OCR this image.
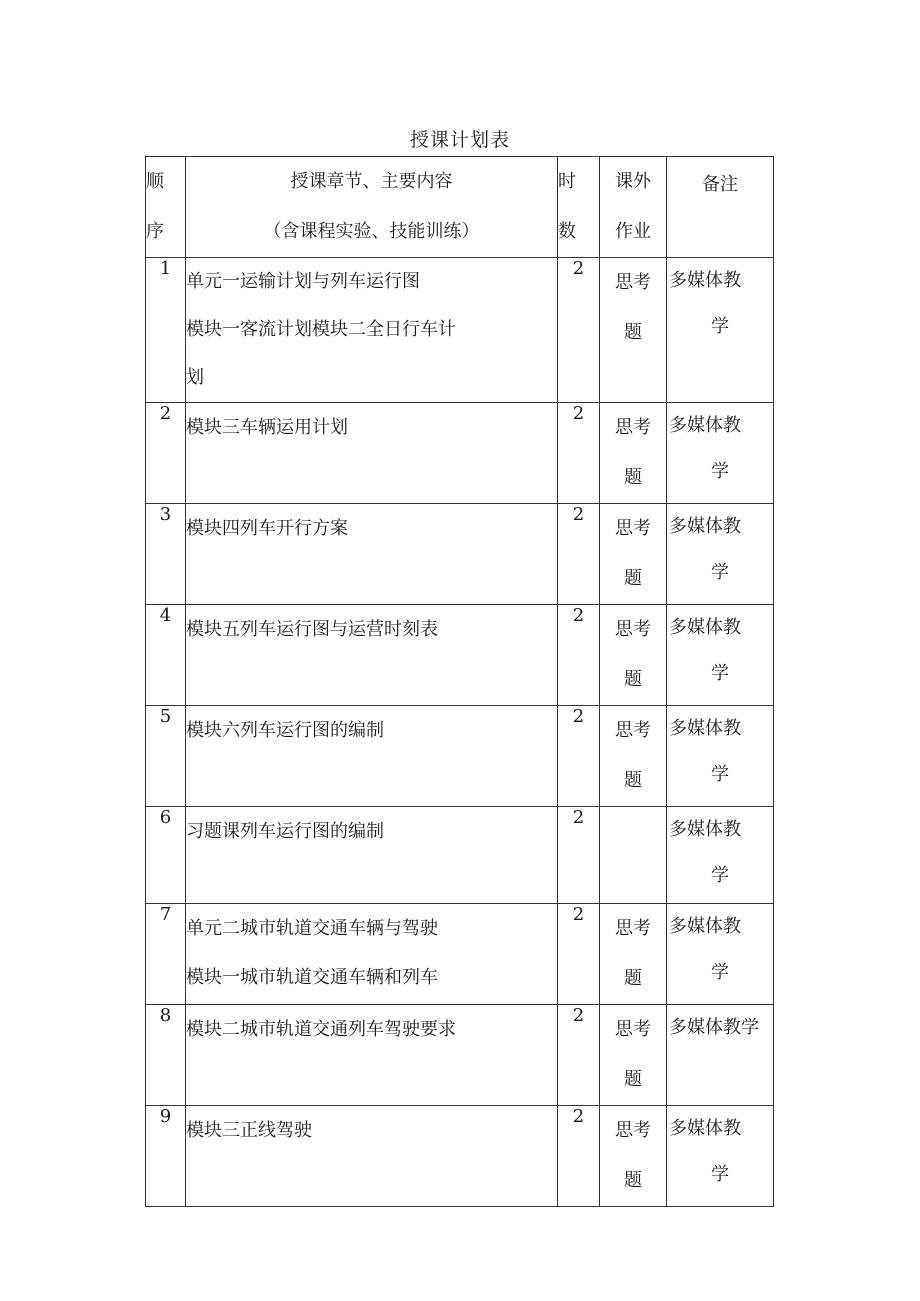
授课计划表
顺
序	授课章节、主要内容
（含课程实验、技能训练）	时
数	课外
作业	备注

1	单元一运输计划与列车运行图
模块一客流计划模块二全日行车计
划	2	思考
题	多媒体教
学

2	模块三车辆运用计划	2	思考
题	多媒体教
学

3	模块四列车开行方案	2	思考
题	多媒体教
学

4	模块五列车运行图与运营时刻表	2	思考
题	多媒体教
学

5	模块六列车运行图的编制	2	思考
题	多媒体教
学

6	习题课列车运行图的编制	2		多媒体教
学

7	单元二城市轨道交通车辆与驾驶
模块一城市轨道交通车辆和列车	2	思考
题	多媒体教
学

8	模块二城市轨道交通列车驾驶要求	2	思考
题	多媒体教学

9	模块三正线驾驶	2	思考
题	多媒体教
学
